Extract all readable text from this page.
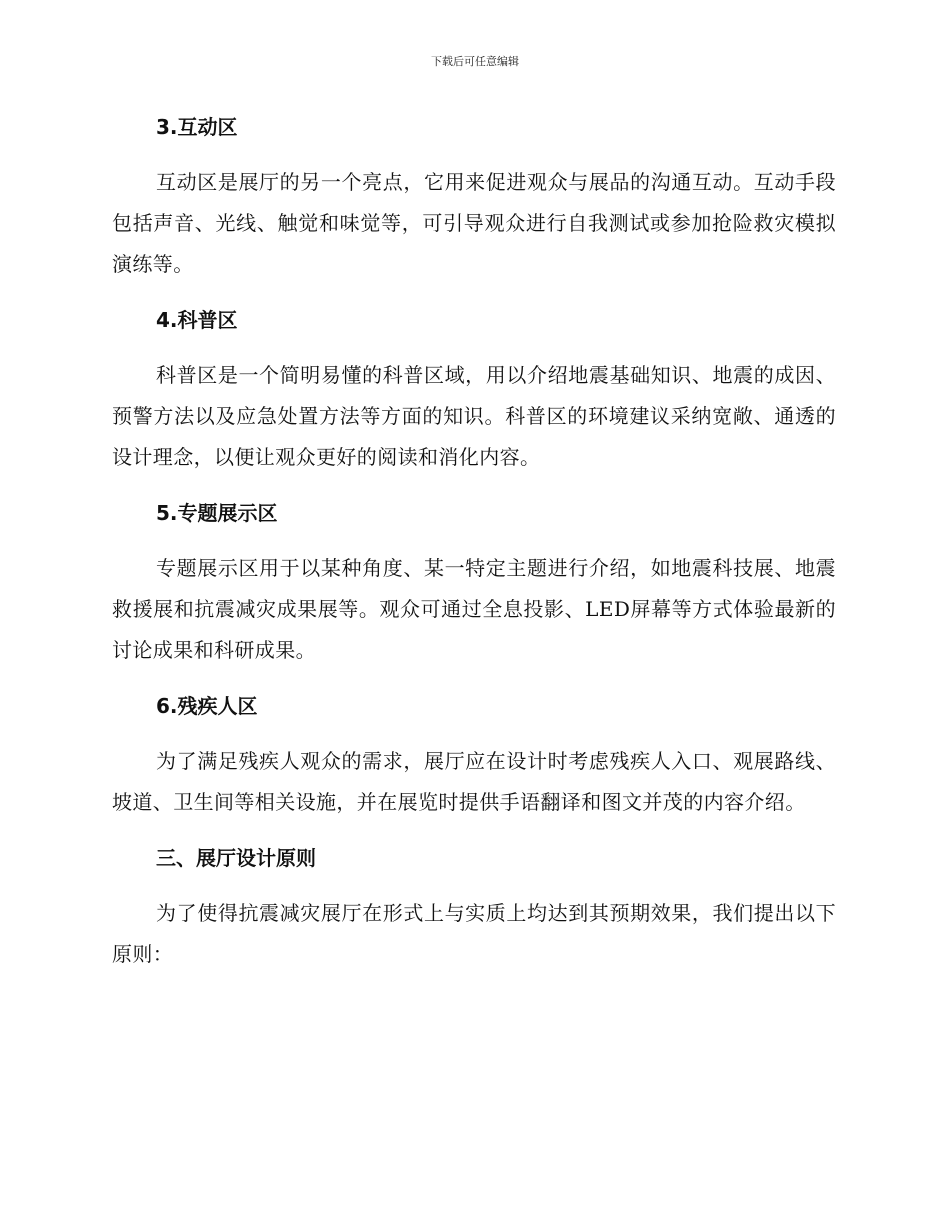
下载后可任意编辑
3.互动区

互动区是展厅的另一个亮点，它用来促进观众与展品的沟通互动。互动手段包括声音、光线、触觉和味觉等，可引导观众进行自我测试或参加抢险救灾模拟演练等。

4.科普区

科普区是一个简明易懂的科普区域，用以介绍地震基础知识、地震的成因、预警方法以及应急处置方法等方面的知识。科普区的环境建议采纳宽敞、通透的设计理念，以便让观众更好的阅读和消化内容。

5.专题展示区

专题展示区用于以某种角度、某一特定主题进行介绍，如地震科技展、地震救援展和抗震减灾成果展等。观众可通过全息投影、LED屏幕等方式体验最新的讨论成果和科研成果。

6.残疾人区

为了满足残疾人观众的需求，展厅应在设计时考虑残疾人入口、观展路线、坡道、卫生间等相关设施，并在展览时提供手语翻译和图文并茂的内容介绍。

三、展厅设计原则

为了使得抗震减灾展厅在形式上与实质上均达到其预期效果，我们提出以下原则：
